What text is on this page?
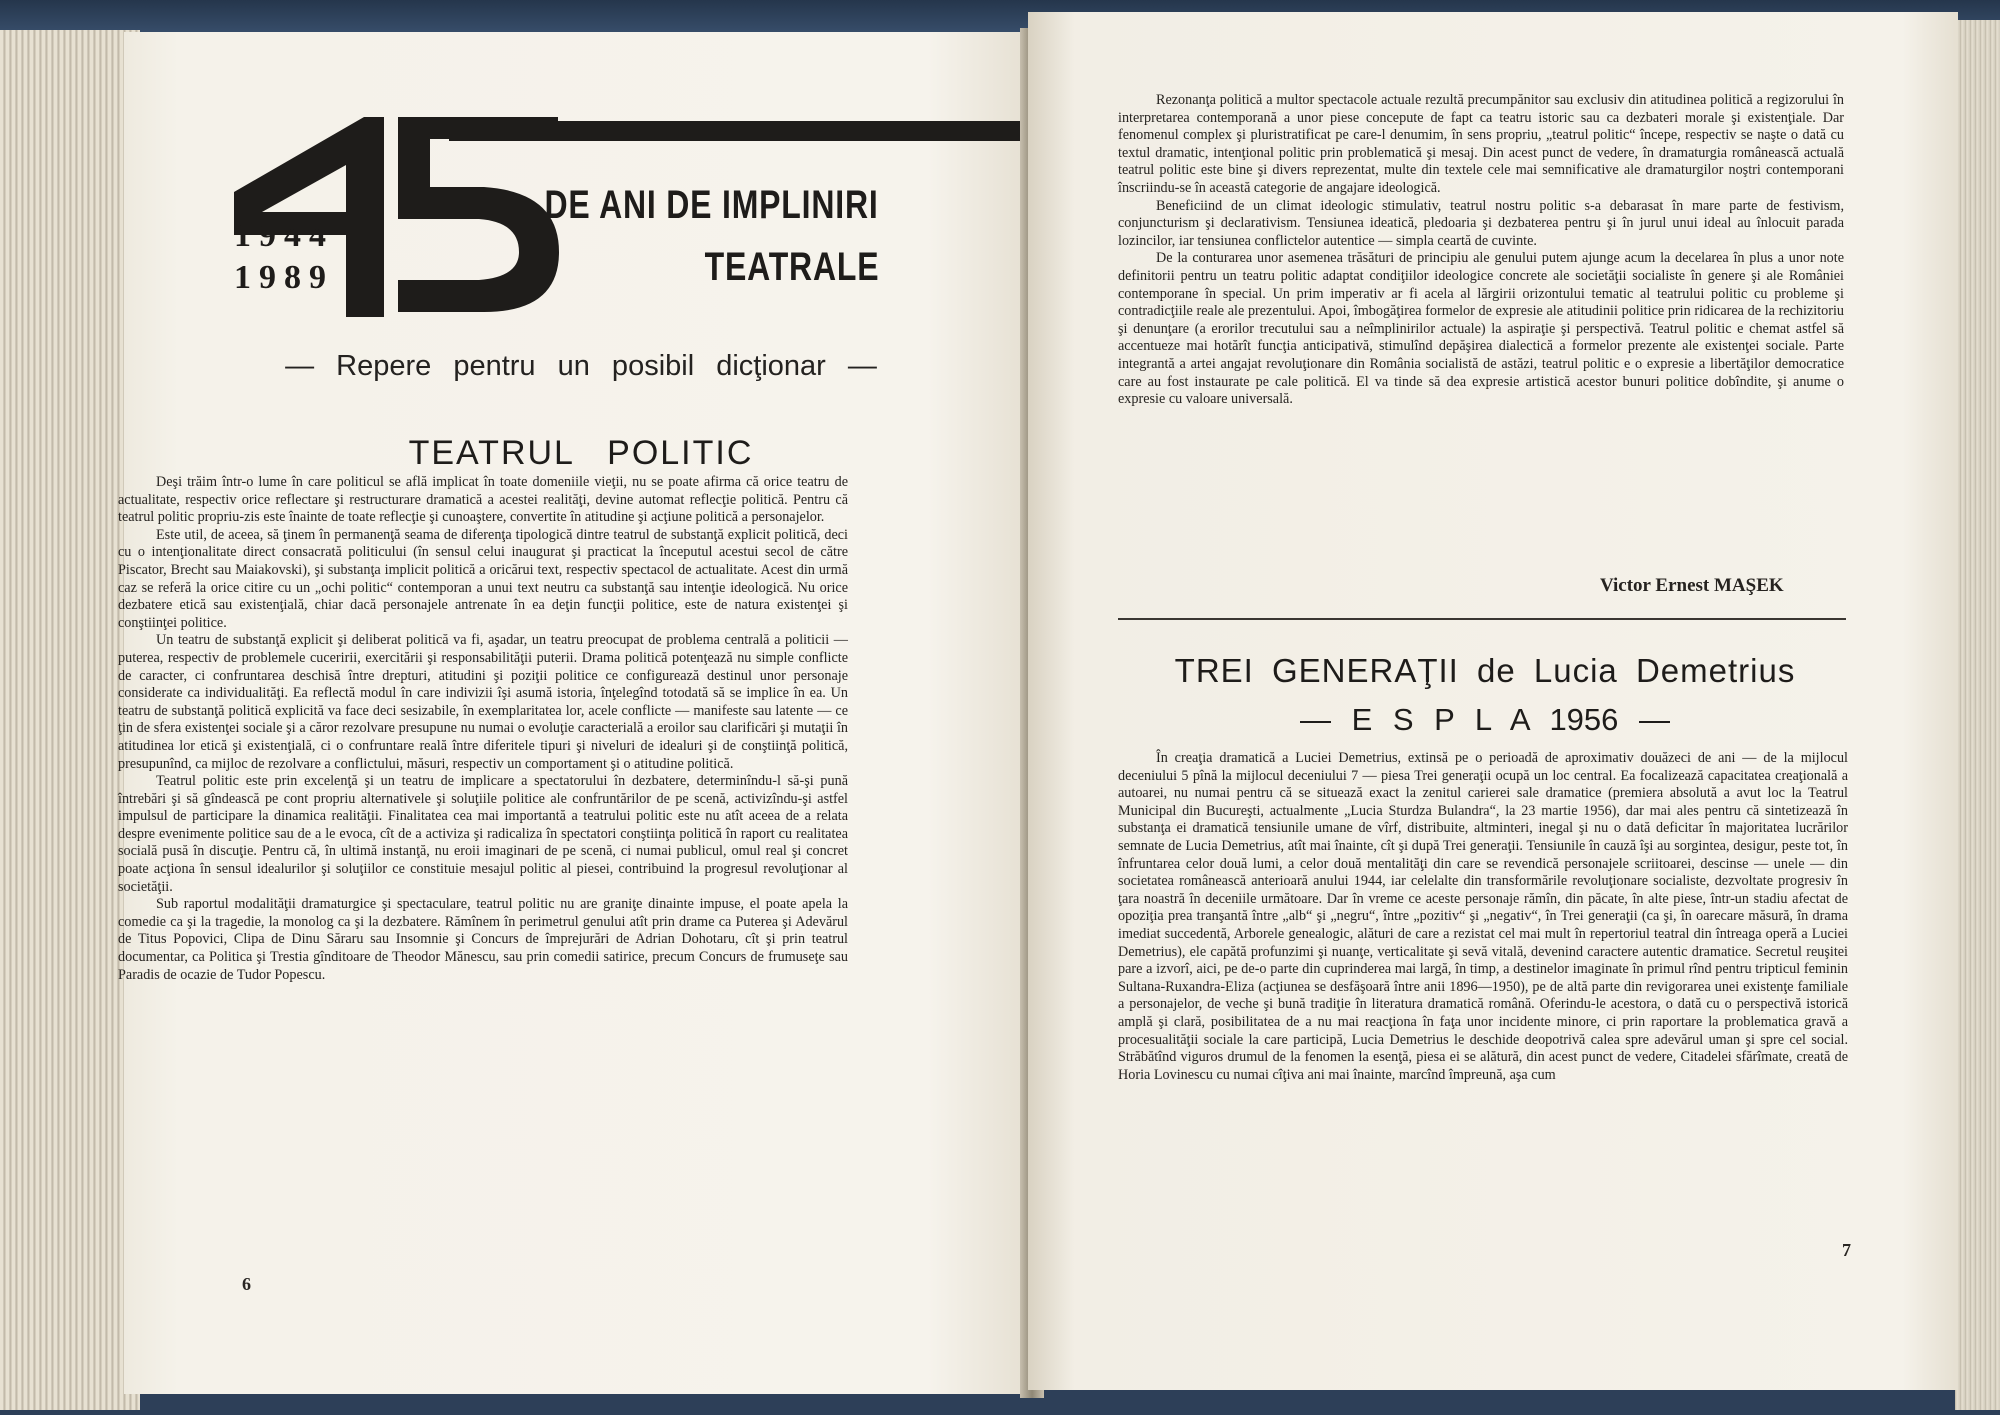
1944
1989
DE ANI DE IMPLINIRI
TEATRALE
— Repere pentru un posibil dicţionar —
TEATRUL POLITIC
6

Deşi trăim într-o lume în care politicul se află implicat în toate domeniile vieţii, nu se poate afirma că orice teatru de actualitate, respectiv orice reflectare şi restructurare dramatică a acestei realităţi, devine automat reflecţie politică. Pentru că teatrul politic propriu-zis este înainte de toate reflecţie şi cunoaştere, convertite în atitudine şi acţiune politică a personajelor.

Este util, de aceea, să ţinem în permanenţă seama de diferenţa tipologică dintre teatrul de substanţă explicit politică, deci cu o intenţionalitate direct consacrată politicului (în sensul celui inaugurat şi practicat la începutul acestui secol de către Piscator, Brecht sau Maiakovski), şi substanţa implicit politică a oricărui text, respectiv spectacol de actualitate. Acest din urmă caz se referă la orice citire cu un „ochi politic“ contemporan a unui text neutru ca substanţă sau intenţie ideologică. Nu orice dezbatere etică sau existenţială, chiar dacă personajele antrenate în ea deţin funcţii politice, este de natura existenţei şi conştiinţei politice.

Un teatru de substanţă explicit şi deliberat politică va fi, aşadar, un teatru preocupat de problema centrală a politicii — puterea, respectiv de problemele cuceririi, exercitării şi responsabilităţii puterii. Drama politică potenţează nu simple conflicte de caracter, ci confruntarea deschisă între drepturi, atitudini şi poziţii politice ce configurează destinul unor personaje considerate ca individualităţi. Ea reflectă modul în care indivizii îşi asumă istoria, înţelegînd totodată să se implice în ea. Un teatru de substanţă politică explicită va face deci sesizabile, în exemplaritatea lor, acele conflicte — manifeste sau latente — ce ţin de sfera existenţei sociale şi a căror rezolvare presupune nu numai o evoluţie caracterială a eroilor sau clarificări şi mutaţii în atitudinea lor etică şi existenţială, ci o confruntare reală între diferitele tipuri şi niveluri de idealuri şi de conştiinţă politică, presupunînd, ca mijloc de rezolvare a conflictului, măsuri, respectiv un comportament şi o atitudine politică.

Teatrul politic este prin excelenţă şi un teatru de implicare a spectatorului în dezbatere, determinîndu-l să-şi pună întrebări şi să gîndească pe cont propriu alternativele şi soluţiile politice ale confruntărilor de pe scenă, activizîndu-şi astfel impulsul de participare la dinamica realităţii. Finalitatea cea mai importantă a teatrului politic este nu atît aceea de a relata despre evenimente politice sau de a le evoca, cît de a activiza şi radicaliza în spectatori conştiinţa politică în raport cu realitatea socială pusă în discuţie. Pentru că, în ultimă instanţă, nu eroii imaginari de pe scenă, ci numai publicul, omul real şi concret poate acţiona în sensul idealurilor şi soluţiilor ce constituie mesajul politic al piesei, contribuind la progresul revoluţionar al societăţii.

Sub raportul modalităţii dramaturgice şi spectaculare, teatrul politic nu are graniţe dinainte impuse, el poate apela la comedie ca şi la tragedie, la monolog ca şi la dezbatere. Rămînem în perimetrul genului atît prin drame ca Puterea şi Adevărul de Titus Popovici, Clipa de Dinu Săraru sau Insomnie şi Concurs de împrejurări de Adrian Dohotaru, cît şi prin teatrul documentar, ca Politica şi Trestia gînditoare de Theodor Mănescu, sau prin comedii satirice, precum Concurs de frumuseţe sau Paradis de ocazie de Tudor Popescu.

7

Rezonanţa politică a multor spectacole actuale rezultă precumpănitor sau exclusiv din atitudinea politică a regizorului în interpretarea contemporană a unor piese concepute de fapt ca teatru istoric sau ca dezbateri morale şi existenţiale. Dar fenomenul complex şi pluristratificat pe care-l denumim, în sens propriu, „teatrul politic“ începe, respectiv se naşte o dată cu textul dramatic, intenţional politic prin problematică şi mesaj. Din acest punct de vedere, în dramaturgia românească actuală teatrul politic este bine şi divers reprezentat, multe din textele cele mai semnificative ale dramaturgilor noştri contemporani înscriindu-se în această categorie de angajare ideologică.

Beneficiind de un climat ideologic stimulativ, teatrul nostru politic s-a debarasat în mare parte de festivism, conjuncturism şi declarativism. Tensiunea ideatică, pledoaria şi dezbaterea pentru şi în jurul unui ideal au înlocuit parada lozincilor, iar tensiunea conflictelor autentice — simpla ceartă de cuvinte.

De la conturarea unor asemenea trăsături de principiu ale genului putem ajunge acum la decelarea în plus a unor note definitorii pentru un teatru politic adaptat condiţiilor ideologice concrete ale societăţii socialiste în genere şi ale României contemporane în special. Un prim imperativ ar fi acela al lărgirii orizontului tematic al teatrului politic cu probleme şi contradicţiile reale ale prezentului. Apoi, îmbogăţirea formelor de expresie ale atitudinii politice prin ridicarea de la rechizitoriu şi denunţare (a erorilor trecutului sau a neîmplinirilor actuale) la aspiraţie şi perspectivă. Teatrul politic e chemat astfel să accentueze mai hotărît funcţia anticipativă, stimulînd depăşirea dialectică a formelor prezente ale existenţei sociale. Parte integrantă a artei angajat revoluţionare din România socialistă de astăzi, teatrul politic e o expresie a libertăţilor democratice care au fost instaurate pe cale politică. El va tinde să dea expresie artistică acestor bunuri politice dobîndite, şi anume o expresie cu valoare universală.

Victor Ernest MAŞEK
TREI GENERAŢII de Lucia Demetrius
— E S P L A 1956 —

În creaţia dramatică a Luciei Demetrius, extinsă pe o perioadă de aproximativ douăzeci de ani — de la mijlocul deceniului 5 pînă la mijlocul deceniului 7 — piesa Trei generaţii ocupă un loc central. Ea focalizează capacitatea creaţională a autoarei, nu numai pentru că se situează exact la zenitul carierei sale dramatice (premiera absolută a avut loc la Teatrul Municipal din Bucureşti, actualmente „Lucia Sturdza Bulandra“, la 23 martie 1956), dar mai ales pentru că sintetizează în substanţa ei dramatică tensiunile umane de vîrf, distribuite, altminteri, inegal şi nu o dată deficitar în majoritatea lucrărilor semnate de Lucia Demetrius, atît mai înainte, cît şi după Trei generaţii. Tensiunile în cauză îşi au sorgintea, desigur, peste tot, în înfruntarea celor două lumi, a celor două mentalităţi din care se revendică personajele scriitoarei, descinse — unele — din societatea românească anterioară anului 1944, iar celelalte din transformările revoluţionare socialiste, dezvoltate progresiv în ţara noastră în deceniile următoare. Dar în vreme ce aceste personaje rămîn, din păcate, în alte piese, într-un stadiu afectat de opoziţia prea tranşantă între „alb“ şi „negru“, între „pozitiv“ şi „negativ“, în Trei generaţii (ca şi, în oarecare măsură, în drama imediat succedentă, Arborele genealogic, alături de care a rezistat cel mai mult în repertoriul teatral din întreaga operă a Luciei Demetrius), ele capătă profunzimi şi nuanţe, verticalitate şi sevă vitală, devenind caractere autentic dramatice. Secretul reuşitei pare a izvorî, aici, pe de-o parte din cuprinderea mai largă, în timp, a destinelor imaginate în primul rînd pentru tripticul feminin Sultana-Ruxandra-Eliza (acţiunea se desfăşoară între anii 1896—1950), pe de altă parte din revigorarea unei existenţe familiale a personajelor, de veche şi bună tradiţie în literatura dramatică română. Oferindu-le acestora, o dată cu o perspectivă istorică amplă şi clară, posibilitatea de a nu mai reacţiona în faţa unor incidente minore, ci prin raportare la problematica gravă a procesualităţii sociale la care participă, Lucia Demetrius le deschide deopotrivă calea spre adevărul uman şi spre cel social. Străbătînd viguros drumul de la fenomen la esenţă, piesa ei se alătură, din acest punct de vedere, Citadelei sfărîmate, creată de Horia Lovinescu cu numai cîţiva ani mai înainte, marcînd împreună, aşa cum
